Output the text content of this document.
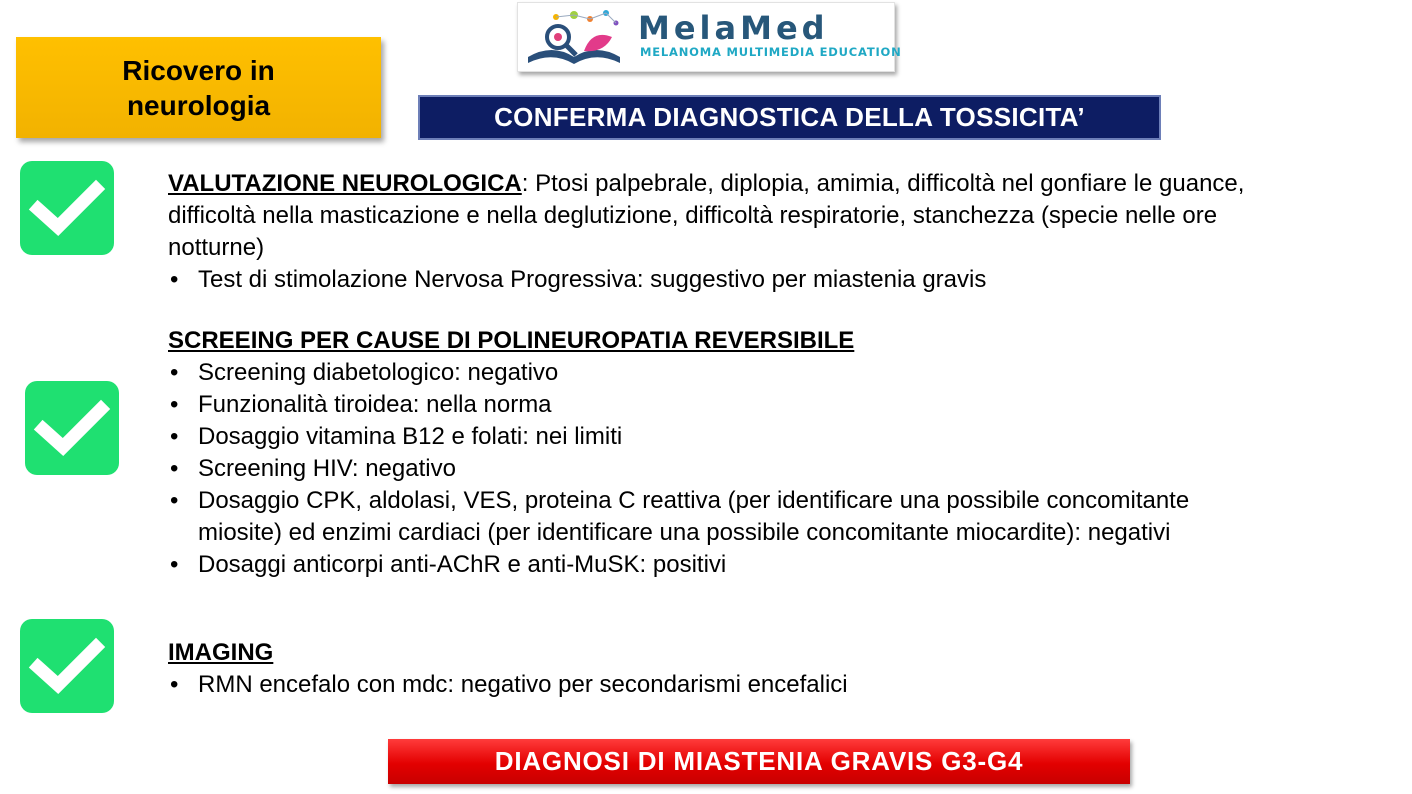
MelaMed
MELANOMA MULTIMEDIA EDUCATION
Ricovero in neurologia	CONFERMA DIAGNOSTICA DELLA TOSSICITA’
VALUTAZIONE NEUROLOGICA: Ptosi palpebrale, diplopia, amimia, difficoltà nel gonfiare le guance, difficoltà nella masticazione e nella deglutizione, difficoltà respiratorie, stanchezza (specie nelle ore notturne)
• Test di stimolazione Nervosa Progressiva: suggestivo per miastenia gravis
SCREEING PER CAUSE DI POLINEUROPATIA REVERSIBILE
• Screening diabetologico: negativo
• Funzionalità tiroidea: nella norma
• Dosaggio vitamina B12 e folati: nei limiti
• Screening HIV: negativo
• Dosaggio CPK, aldolasi, VES, proteina C reattiva (per identificare una possibile concomitante miosite) ed enzimi cardiaci (per identificare una possibile concomitante miocardite): negativi
• Dosaggi anticorpi anti-AChR e anti-MuSK: positivi
IMAGING
• RMN encefalo con mdc: negativo per secondarismi encefalici
DIAGNOSI DI MIASTENIA GRAVIS G3-G4
